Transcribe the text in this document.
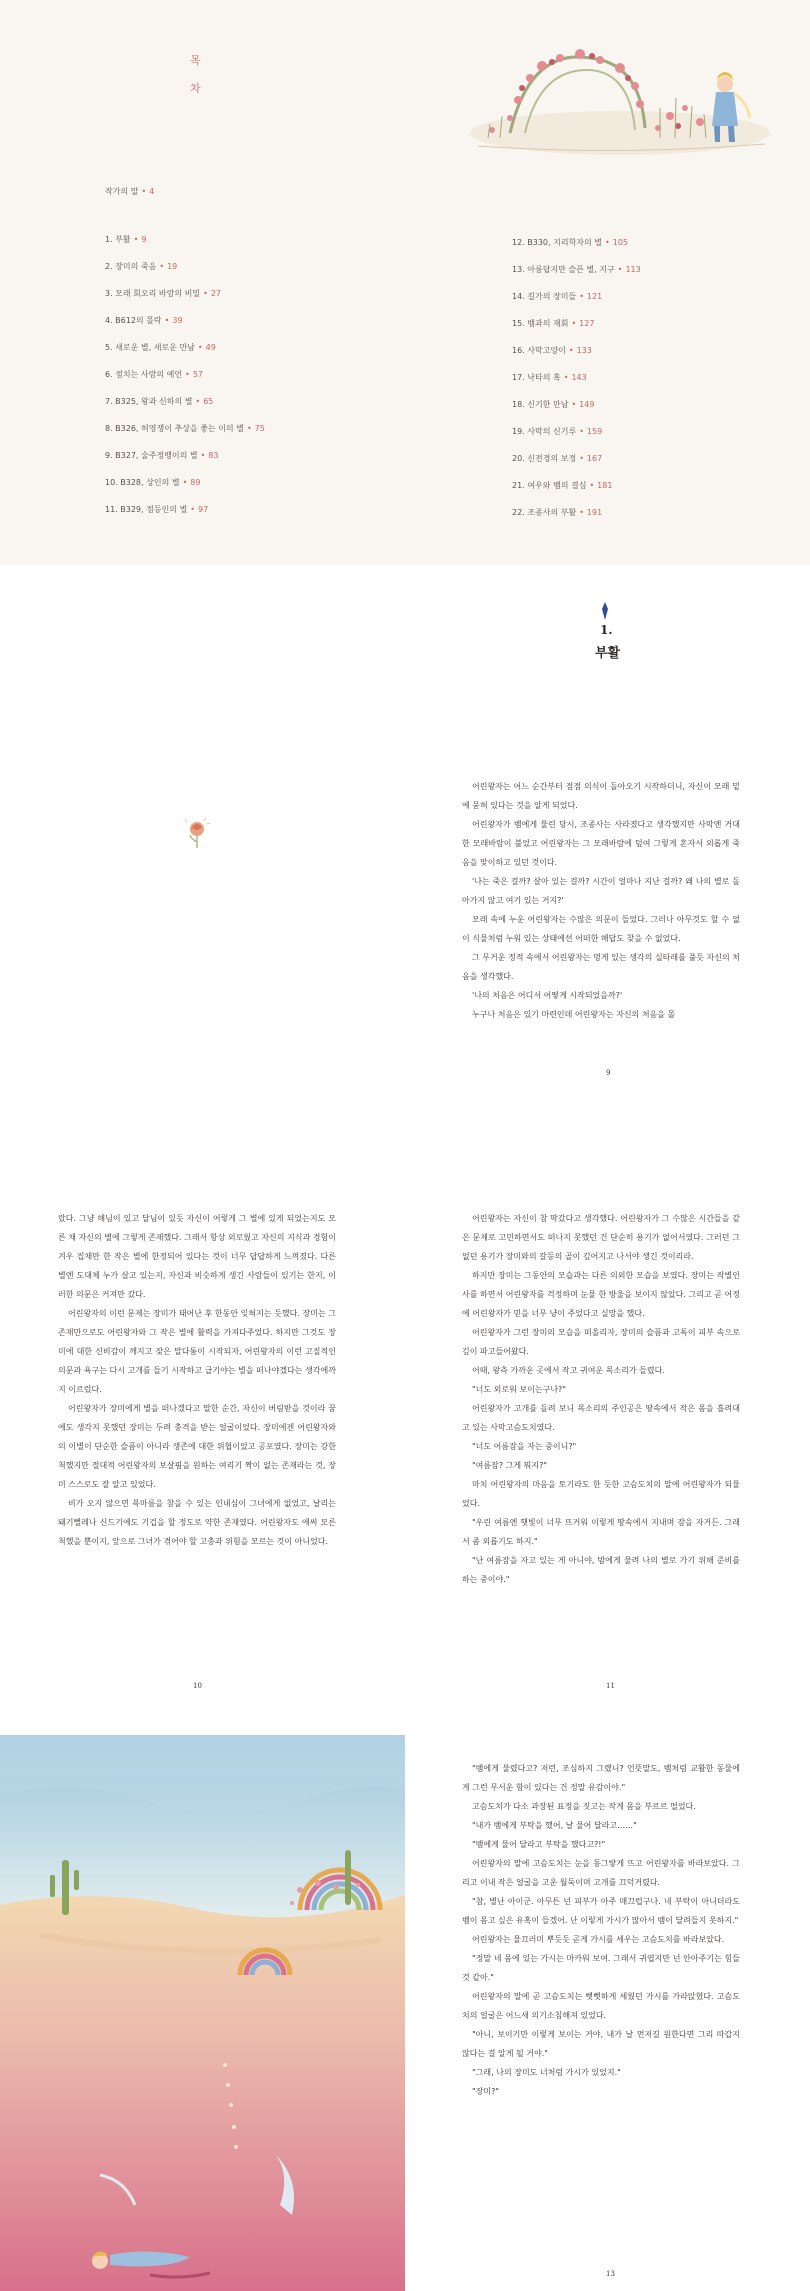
목
차
작가의 말 • 4
1. 부활 • 9
2. 장미의 죽음 • 19
3. 모래 회오리 바람의 비밀 • 27
4. B612의 몰락 • 39
5. 새로운 별, 새로운 만남 • 49
6. 점치는 사람의 예언 • 57
7. B325, 왕과 신하의 별 • 65
8. B326, 허영쟁이 추상을 좋는 이의 별 • 75
9. B327, 술주정뱅이의 별 • 83
10. B328, 상인의 별 • 89
11. B329, 점등인의 별 • 97
12. B330, 지리학자의 별 • 105
13. 아름답지만 슬픈 별, 지구 • 113
14. 길가의 장미들 • 121
15. 뱀과의 재회 • 127
16. 사막고양이 • 133
17. 낙타의 혹 • 143
18. 신기한 만남 • 149
19. 사막의 신기루 • 159
20. 신전경의 보정 • 167
21. 여우와 뱀의 결심 • 181
22. 조종사의 부활 • 191
1.
부활

어린왕자는 어느 순간부터 점점 의식이 돌아오기 시작하더니, 자신이 모래 밑에 묻혀 있다는 것을 알게 되었다.

어린왕자가 뱀에게 물린 당시, 조종사는 사라졌다고 생각했지만 사막엔 거대한 모래바람이 불었고 어린왕자는 그 모래바람에 덮여 그렇게 혼자서 외롭게 죽음을 맞이하고 있던 것이다.

'나는 죽은 걸까? 살아 있는 걸까? 시간이 얼마나 지난 걸까? 왜 나의 별로 돌아가지 않고 여기 있는 거지?'

모래 속에 누운 어린왕자는 수많은 의문이 들었다. 그러나 아무것도 할 수 없이 식물처럼 누워 있는 상태에선 어떠한 해답도 찾을 수 없었다.

그 무거운 정적 속에서 어린왕자는 멍게 있는 생각의 실타래를 풀듯 자신의 처음을 생각했다.

'나의 처음은 어디서 어떻게 시작되었을까?'

누구나 처음은 있기 마련인데 어린왕자는 자신의 처음을 몰

9

랐다. 그냥 해님이 있고 달님이 있듯 자신이 어렇게 그 별에 있게 되었는지도 모른 채 자신의 별에 그렇게 존재했다. 그래서 항상 외로웠고 자신의 지식과 경험이 겨우 집채만 한 작은 별에 한정되어 있다는 것이 너무 답답하게 느껴졌다. 다른 별엔 도대체 누가 살고 있는지, 자신과 비슷하게 생긴 사람들이 있기는 한지, 이러한 의문은 커져만 갔다.

어린왕자의 이런 문제는 장미가 태어난 후 한동안 잊혀지는 듯했다. 장미는 그 존재만으로도 어린왕자와 그 작은 별에 활력을 가져다주었다. 하지만 그것도 장미에 대한 신비감이 깨지고 잦은 말다툼이 시작되자, 어린왕자의 이런 고질적인 의문과 욕구는 다시 고개를 들기 시작하고 급기야는 별을 떠나야겠다는 생각에까지 이르렀다.

어린왕자가 장미에게 별을 떠나겠다고 말한 순간, 자신이 버림받을 것이라 꿈에도 생각지 못했던 장미는 두려 충격을 받는 얼굴이었다. 장미에겐 어린왕자와의 이별이 단순한 슬픔이 아니라 생존에 대한 위협이었고 공포였다. 장미는 강한 척했지만 절대적 어린왕자의 보살핌을 원하는 여리기 짝이 없는 존재라는 것, 장미 스스로도 잘 알고 있었다.

비가 오지 않으면 목마름을 참을 수 있는 인내심이 그녀에게 없었고, 날리는 돼기뻘레나 신드기에도 기겁을 할 정도로 약한 존재였다. 어린왕자도 애써 모른 척했을 뿐이지, 앞으로 그녀가 겪어야 할 고충과 위험을 모르는 것이 아니었다.

10

어린왕자는 자신이 참 딱갔다고 생각했다. 어린왕자가 그 수많은 시간들을 같은 문제로 고민하면서도 떠나지 못했던 건 단순히 용기가 없어서였다. 그러던 그 없던 용기가 장미와의 갈등의 골이 깊어지고 나서야 생긴 것이리라.

하지만 장미는 그동안의 모습과는 다른 의외한 모습을 보였다. 장미는 작별인사를 하면서 어린왕자를 걱정하며 눈물 한 방울을 보이지 않았다. 그리고 곧 어정에 어린왕자가 믿을 너무 냥이 주었다고 실망을 했다.

어린왕자가 그런 장미의 모습을 떠올리자, 장미의 슬픔과 고독이 피부 속으로 깊이 파고들어왔다.

어때, 왕측 가까운 곳에서 작고 귀여운 목소리가 들렸다.

"너도 외로워 보이는구나?"

어린왕자가 고개를 돌려 보니 목소리의 주인공은 땅속에서 작은 몸을 흘려대고 있는 사막고슴도치였다.

"너도 어름잠을 자는 중이니?"

"여름잠? 그게 뭐지?"

마치 어린왕자의 마음을 토기라도 한 듯한 고슴도치의 말에 어린왕자가 되물었다.

"우린 여름엔 햇빛이 너무 뜨거워 이렇게 땅속에서 지내며 잠을 자거든. 그래서 좀 외롭기도 하지."

"난 여름잠을 자고 있는 게 아니야, 밤에게 물려 나의 별로 가기 위해 준비를 하는 중이야."

11

"뱀에게 물렸다고? 저런, 조심하지 그랬니? 언뜻말도, 뱀처럼 교활한 동물에게 그런 무서운 함이 있다는 건 정말 유감이야."

고슴도치가 다소 과장된 표정을 짓고는 작게 몸을 부르르 떨었다.

"내가 뱀에게 부탁을 했어, 날 물어 달라고……"

"뱀에게 물어 달라고 부탁을 했다고?!"

어린왕자의 말에 고슴도치는 눈을 동그랗게 뜨고 어린왕자를 바라보았다. 그리고 이내 작은 얼굴을 고운 월둑이며 고개를 끄덕거렸다.

"참, 별난 아이군. 아무튼 넌 피부가 아주 매끄럽구나. 네 부탁이 아니더라도 뱀이 몸고 싶은 유혹이 들겠어. 난 이렇게 가시가 많아서 뱀이 달려들지 못하지."

어린왕자는 물끄러미 뿌듯듯 곧게 가시를 세우는 고슴도치를 바라보았다.

"정말 네 몸에 있는 가시는 마카워 보여. 그래서 귀엽지만 넌 안아주기는 힘들 것 같아."

어린왕자의 말에 곧 고슴도치는 뻣뻣하게 세웠던 가시를 가라앉혔다. 고슴도치의 얼굴은 어느새 의기소침해져 있었다.

"아니, 보이기만 이렇게 보이는 거야, 내가 날 먼저길 원한다면 그리 따갑지 않다는 걸 알게 될 거야."

"그래, 나의 장미도 너처럼 가시가 있었지."

"장미?"

13
